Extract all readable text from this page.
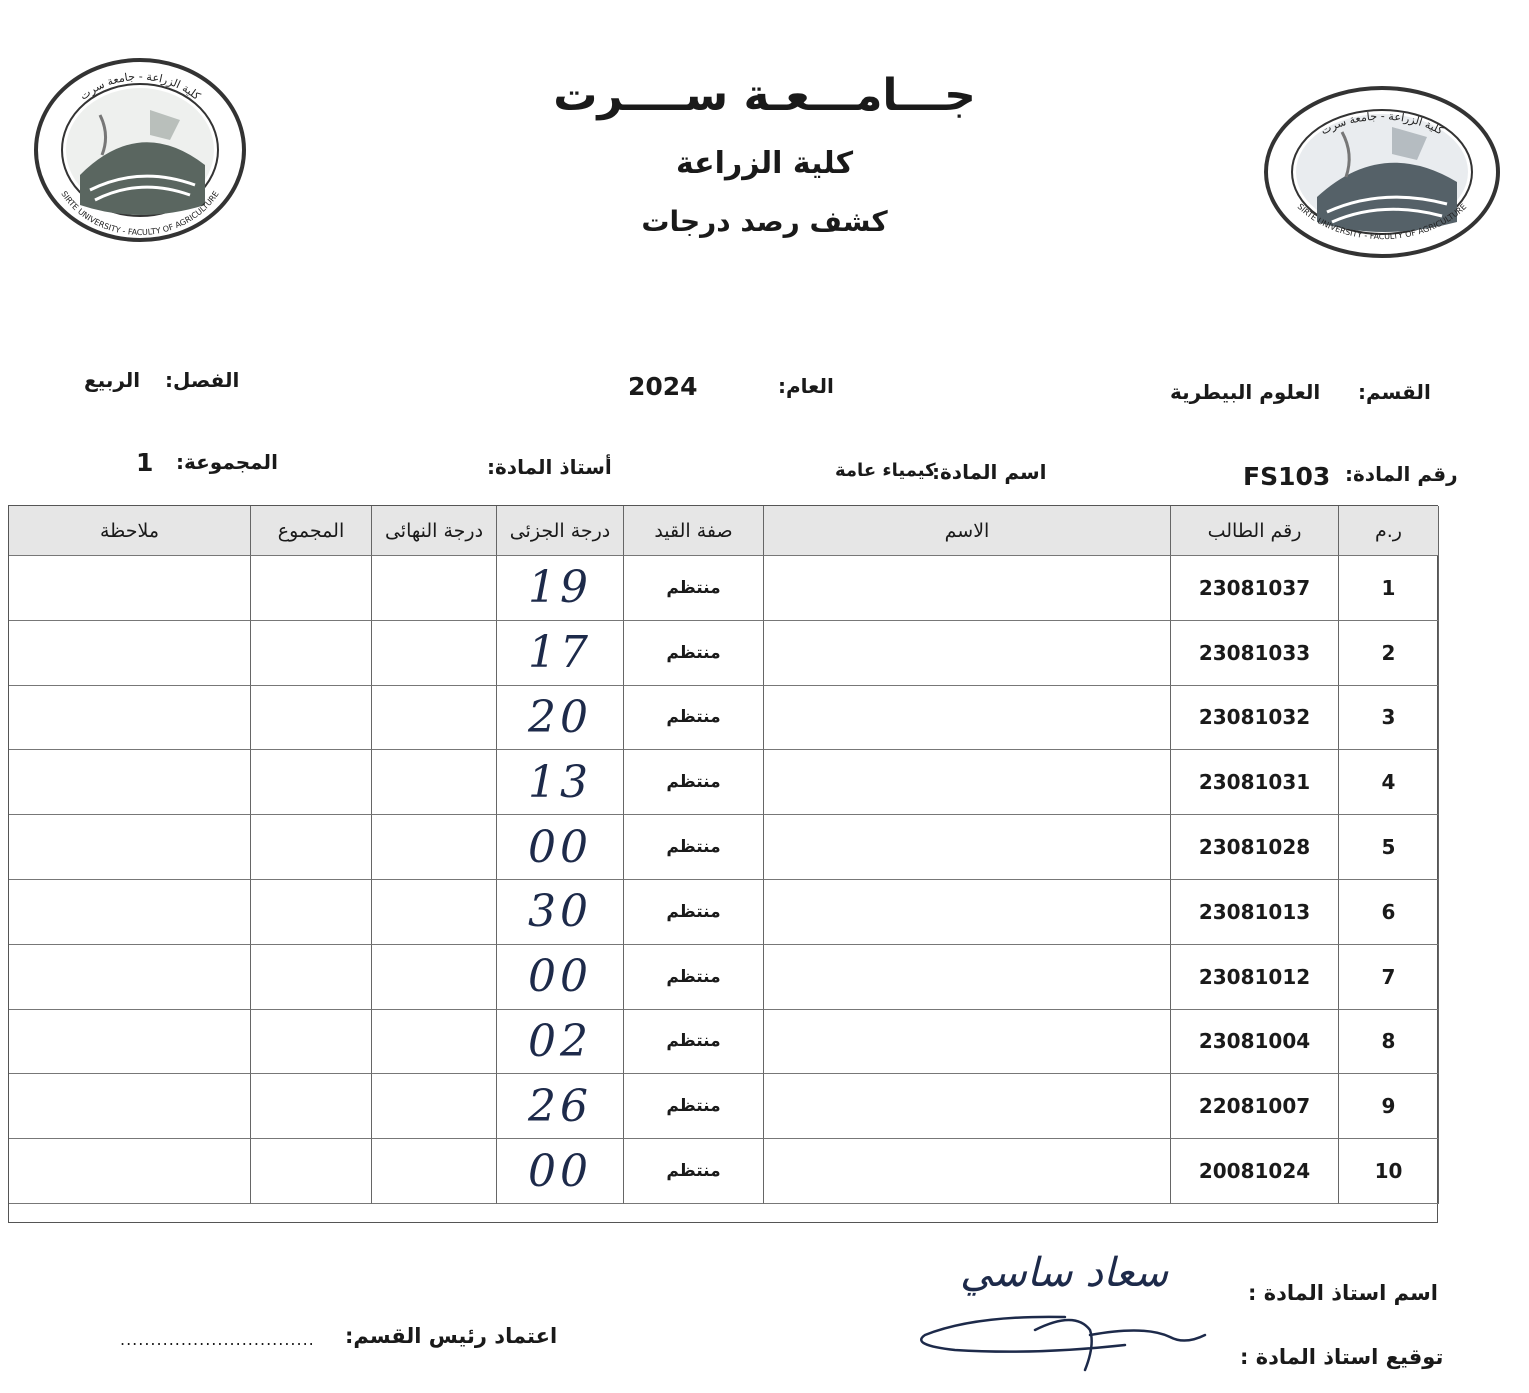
جـــامـــعـة ســــرت
كلية الزراعة
كشف رصد درجات
كلية الزراعة - جامعة سرت
SIRTE UNIVERSITY - FACULTY OF AGRICULTURE
كلية الزراعة - جامعة سرت
SIRTE UNIVERSITY - FACULTY OF AGRICULTURE
القسم:
العلوم البيطرية
العام:
2024
الفصل:
الربيع
رقم المادة:
FS103
اسم المادة:
كيمياء عامة
أستاذ المادة:
المجموعة:
1
ر.م
رقم الطالب
الاسم
صفة القيد
درجة الجزئى
درجة النهائى
المجموع
ملاحظة
1
23081037
منتظم
19
2
23081033
منتظم
17
3
23081032
منتظم
20
4
23081031
منتظم
13
5
23081028
منتظم
00
6
23081013
منتظم
30
7
23081012
منتظم
00
8
23081004
منتظم
02
9
22081007
منتظم
26
10
20081024
منتظم
00
اسم استاذ المادة :
سعاد ساسي
توقيع استاذ المادة :
اعتماد رئيس القسم:
................................
